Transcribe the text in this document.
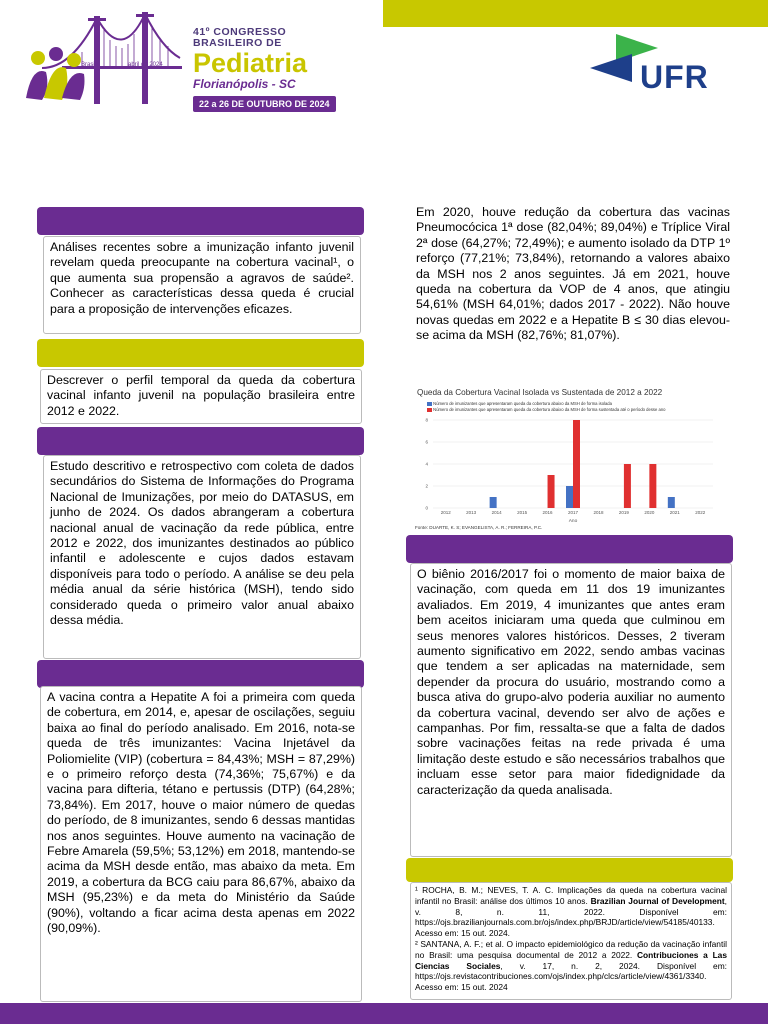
Brasi	abril de 2024
41º CONGRESSO
BRASILEIRO DE
Pediatria
Florianópolis - SC
22 a 26 DE OUTUBRO DE 2024
UFR

Análises recentes sobre a imunização infanto juvenil revelam queda preocupante na cobertura vacinal¹, o que aumenta sua propensão a agravos de saúde². Conhecer as características dessa queda é crucial para a proposição de intervenções eficazes.

Descrever o perfil temporal da queda da cobertura vacinal infanto juvenil na população brasileira entre 2012 e 2022.

Estudo descritivo e retrospectivo com coleta de dados secundários do Sistema de Informações do Programa Nacional de Imunizações, por meio do DATASUS, em junho de 2024. Os dados abrangeram a cobertura nacional anual de vacinação da rede pública, entre 2012 e 2022, dos imunizantes destinados ao público infantil e adolescente e cujos dados estavam disponíveis para todo o período. A análise se deu pela média anual da série histórica (MSH), tendo sido considerado queda o primeiro valor anual abaixo dessa média.

A vacina contra a Hepatite A foi a primeira com queda de cobertura, em 2014, e, apesar de oscilações, seguiu baixa ao final do período analisado. Em 2016, nota-se queda de três imunizantes: Vacina Injetável da Poliomielite (VIP) (cobertura = 84,43%; MSH = 87,29%) e o primeiro reforço desta (74,36%; 75,67%) e da vacina para difteria, tétano e pertussis (DTP) (64,28%; 73,84%). Em 2017, houve o maior número de quedas do período, de 8 imunizantes, sendo 6 dessas mantidas nos anos seguintes. Houve aumento na vacinação de Febre Amarela (59,5%; 53,12%) em 2018, mantendo-se acima da MSH desde então, mas abaixo da meta. Em 2019, a cobertura da BCG caiu para 86,67%, abaixo da MSH (95,23%) e da meta do Ministério da Saúde (90%), voltando a ficar acima desta apenas em 2022 (90,09%).

Em 2020, houve redução da cobertura das vacinas Pneumocócica 1ª dose (82,04%; 89,04%) e Tríplice Viral 2ª dose (64,27%; 72,49%); e aumento isolado da DTP 1º reforço (77,21%; 73,84%), retornando a valores abaixo da MSH nos 2 anos seguintes. Já em 2021, houve queda na cobertura da VOP de 4 anos, que atingiu 54,61% (MSH 64,01%; dados 2017 - 2022). Não houve novas quedas em 2022 e a Hepatite B ≤ 30 dias elevou-se acima da MSH (82,76%; 81,07%).

Queda da Cobertura Vacinal Isolada vs Sustentada de 2012 a 2022
Número de imunizantes que apresentaram queda da cobertura abaixo da MSH de forma isolada
Número de imunizantes que apresentaram queda da cobertura abaixo da MSH de forma sustentada até o período desse ano
0
2
4
6
8
2012	2013	2014	2015	2016	2017	2018	2019	2020	2021	2022
Ano
Fonte: DUARTE, K. S; EVANGELISTA, A. R.; FERREIRA, P.C.

O biênio 2016/2017 foi o momento de maior baixa de vacinação, com queda em 11 dos 19 imunizantes avaliados. Em 2019, 4 imunizantes que antes eram bem aceitos iniciaram uma queda que culminou em seus menores valores históricos. Desses, 2 tiveram aumento significativo em 2022, sendo ambas vacinas que tendem a ser aplicadas na maternidade, sem depender da procura do usuário, mostrando como a busca ativa do grupo-alvo poderia auxiliar no aumento da cobertura vacinal, devendo ser alvo de ações e campanhas. Por fim, ressalta-se que a falta de dados sobre vacinações feitas na rede privada é uma limitação deste estudo e são necessários trabalhos que incluam esse setor para maior fidedignidade da caracterização da queda analisada.

¹ ROCHA, B. M.; NEVES, T. A. C. Implicações da queda na cobertura vacinal infantil no Brasil: análise dos últimos 10 anos. Brazilian Journal of Development, v. 8, n. 11, 2022. Disponível em: https://ojs.brazilianjournals.com.br/ojs/index.php/BRJD/article/view/54185/40133. Acesso em: 15 out. 2024.

² SANTANA, A. F.; et al. O impacto epidemiológico da redução da vacinação infantil no Brasil: uma pesquisa documental de 2012 a 2022. Contribuciones a Las Ciencias Sociales, v. 17, n. 2, 2024. Disponível em: https://ojs.revistacontribuciones.com/ojs/index.php/clcs/article/view/4361/3340. Acesso em: 15 out. 2024
